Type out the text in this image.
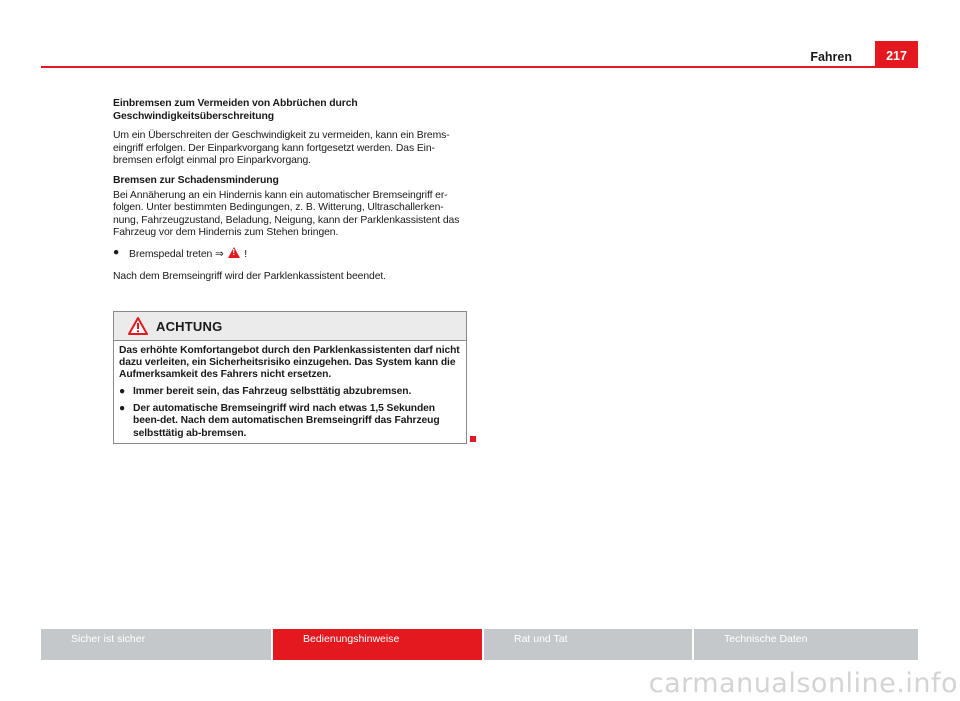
Fahren	217

Einbremsen zum Vermeiden von Abbrüchen durch Geschwindigkeitsüberschreitung

Um ein Überschreiten der Geschwindigkeit zu vermeiden, kann ein Brems-eingriff erfolgen. Der Einparkvorgang kann fortgesetzt werden. Das Ein-bremsen erfolgt einmal pro Einparkvorgang.

Bremsen zur Schadensminderung

Bei Annäherung an ein Hindernis kann ein automatischer Bremseingriff er-folgen. Unter bestimmten Bedingungen, z. B. Witterung, Ultraschallerken-nung, Fahrzeugzustand, Beladung, Neigung, kann der Parklenkassistent das Fahrzeug vor dem Hindernis zum Stehen bringen.

● Bremspedal treten ⇒ ! !

Nach dem Bremseingriff wird der Parklenkassistent beendet.

ACHTUNG

Das erhöhte Komfortangebot durch den Parklenkassistenten darf nicht dazu verleiten, ein Sicherheitsrisiko einzugehen. Das System kann die Aufmerksamkeit des Fahrers nicht ersetzen.

● Immer bereit sein, das Fahrzeug selbsttätig abzubremsen.
● Der automatische Bremseingriff wird nach etwas 1,5 Sekunden been-det. Nach dem automatischen Bremseingriff das Fahrzeug selbsttätig ab-bremsen.
Sicher ist sicher	Bedienungshinweise	Rat und Tat	Technische Daten
carmanualsonline.info
